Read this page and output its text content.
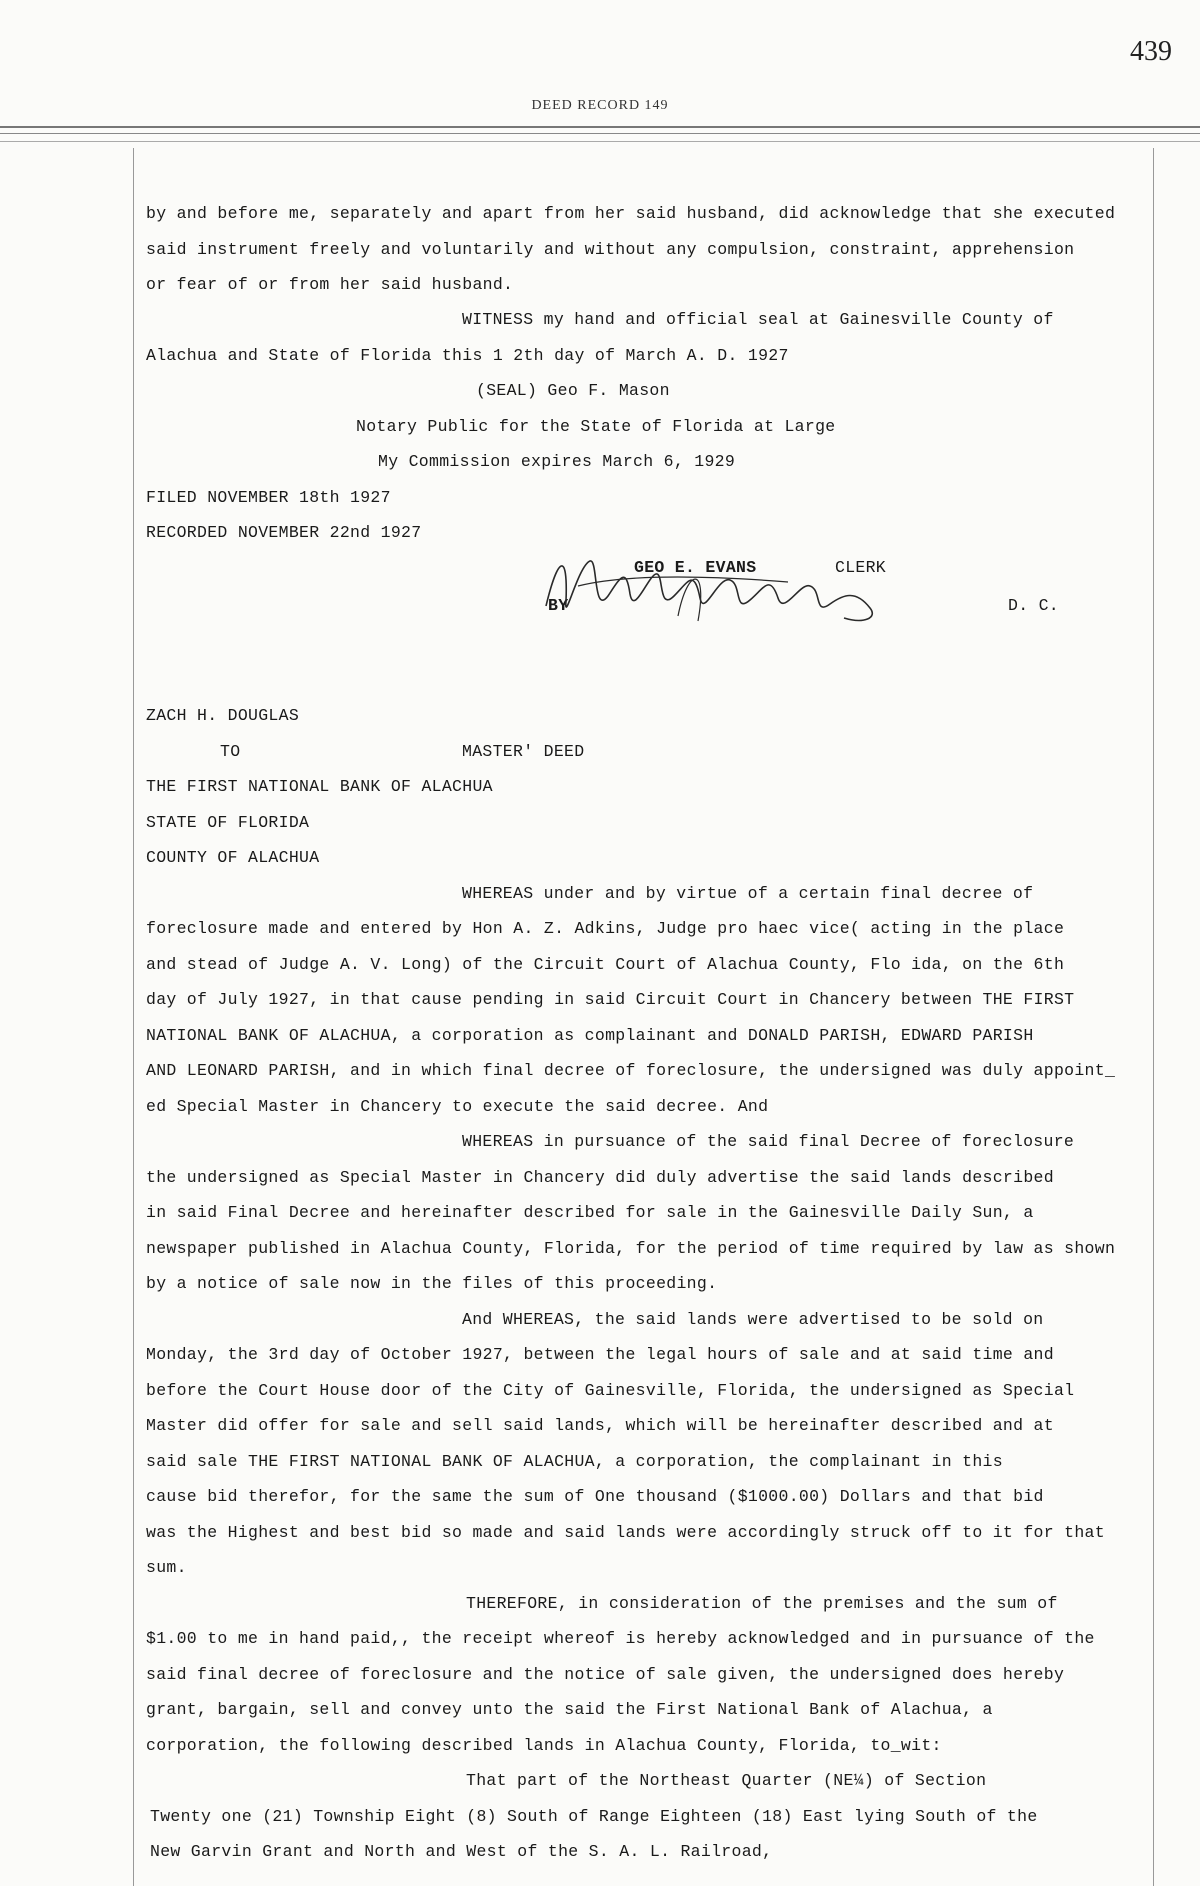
439
DEED RECORD 149
by and before me, separately and apart from her said husband, did acknowledge that she executed
said instrument freely and voluntarily and without any compulsion, constraint, apprehension
or fear of or from her said husband.
WITNESS my hand and official seal at Gainesville County of
Alachua and State of Florida this 1 2th day of March A. D. 1927
(SEAL) Geo F. Mason
Notary Public for the State of Florida at Large
My Commission expires March 6, 1929
FILED NOVEMBER 18th 1927
RECORDED NOVEMBER 22nd 1927
GEO E. EVANS	CLERK
BY	D. C.
ZACH H. DOUGLAS
TO	MASTER' DEED
THE FIRST NATIONAL BANK OF ALACHUA
STATE OF FLORIDA
COUNTY OF ALACHUA
WHEREAS under and by virtue of a certain final decree of
foreclosure made and entered by Hon A. Z. Adkins, Judge pro haec vice( acting in the place
and stead of Judge A. V. Long) of the Circuit Court of Alachua County, Flo ida, on the 6th
day of July 1927, in that cause pending in said Circuit Court in Chancery between THE FIRST
NATIONAL BANK OF ALACHUA, a corporation as complainant and DONALD PARISH, EDWARD PARISH
AND LEONARD PARISH, and in which final decree of foreclosure, the undersigned was duly appoint_
ed Special Master in Chancery to execute the said decree. And
WHEREAS in pursuance of the said final Decree of foreclosure
the undersigned as Special Master in Chancery did duly advertise the said lands described
in said Final Decree and hereinafter described for sale in the Gainesville Daily Sun, a
newspaper published in Alachua County, Florida, for the period of time required by law as shown
by a notice of sale now in the files of this proceeding.
And WHEREAS, the said lands were advertised to be sold on
Monday, the 3rd day of October 1927, between the legal hours of sale and at said time and
before the Court House door of the City of Gainesville, Florida, the undersigned as Special
Master did offer for sale and sell said lands, which will be hereinafter described and at
said sale THE FIRST NATIONAL BANK OF ALACHUA, a corporation, the complainant in this
cause bid therefor, for the same the sum of One thousand ($1000.00) Dollars and that bid
was the Highest and best bid so made and said lands were accordingly struck off to it for that
sum.
THEREFORE, in consideration of the premises and the sum of
$1.00 to me in hand paid,, the receipt whereof is hereby acknowledged and in pursuance of the
said final decree of foreclosure and the notice of sale given, the undersigned does hereby
grant, bargain, sell and convey unto the said the First National Bank of Alachua, a
corporation, the following described lands in Alachua County, Florida, to_wit:
That part of the Northeast Quarter (NE¼) of Section
Twenty one (21) Township Eight (8) South of Range Eighteen (18) East lying South of the
New Garvin Grant and North and West of the S. A. L. Railroad,
